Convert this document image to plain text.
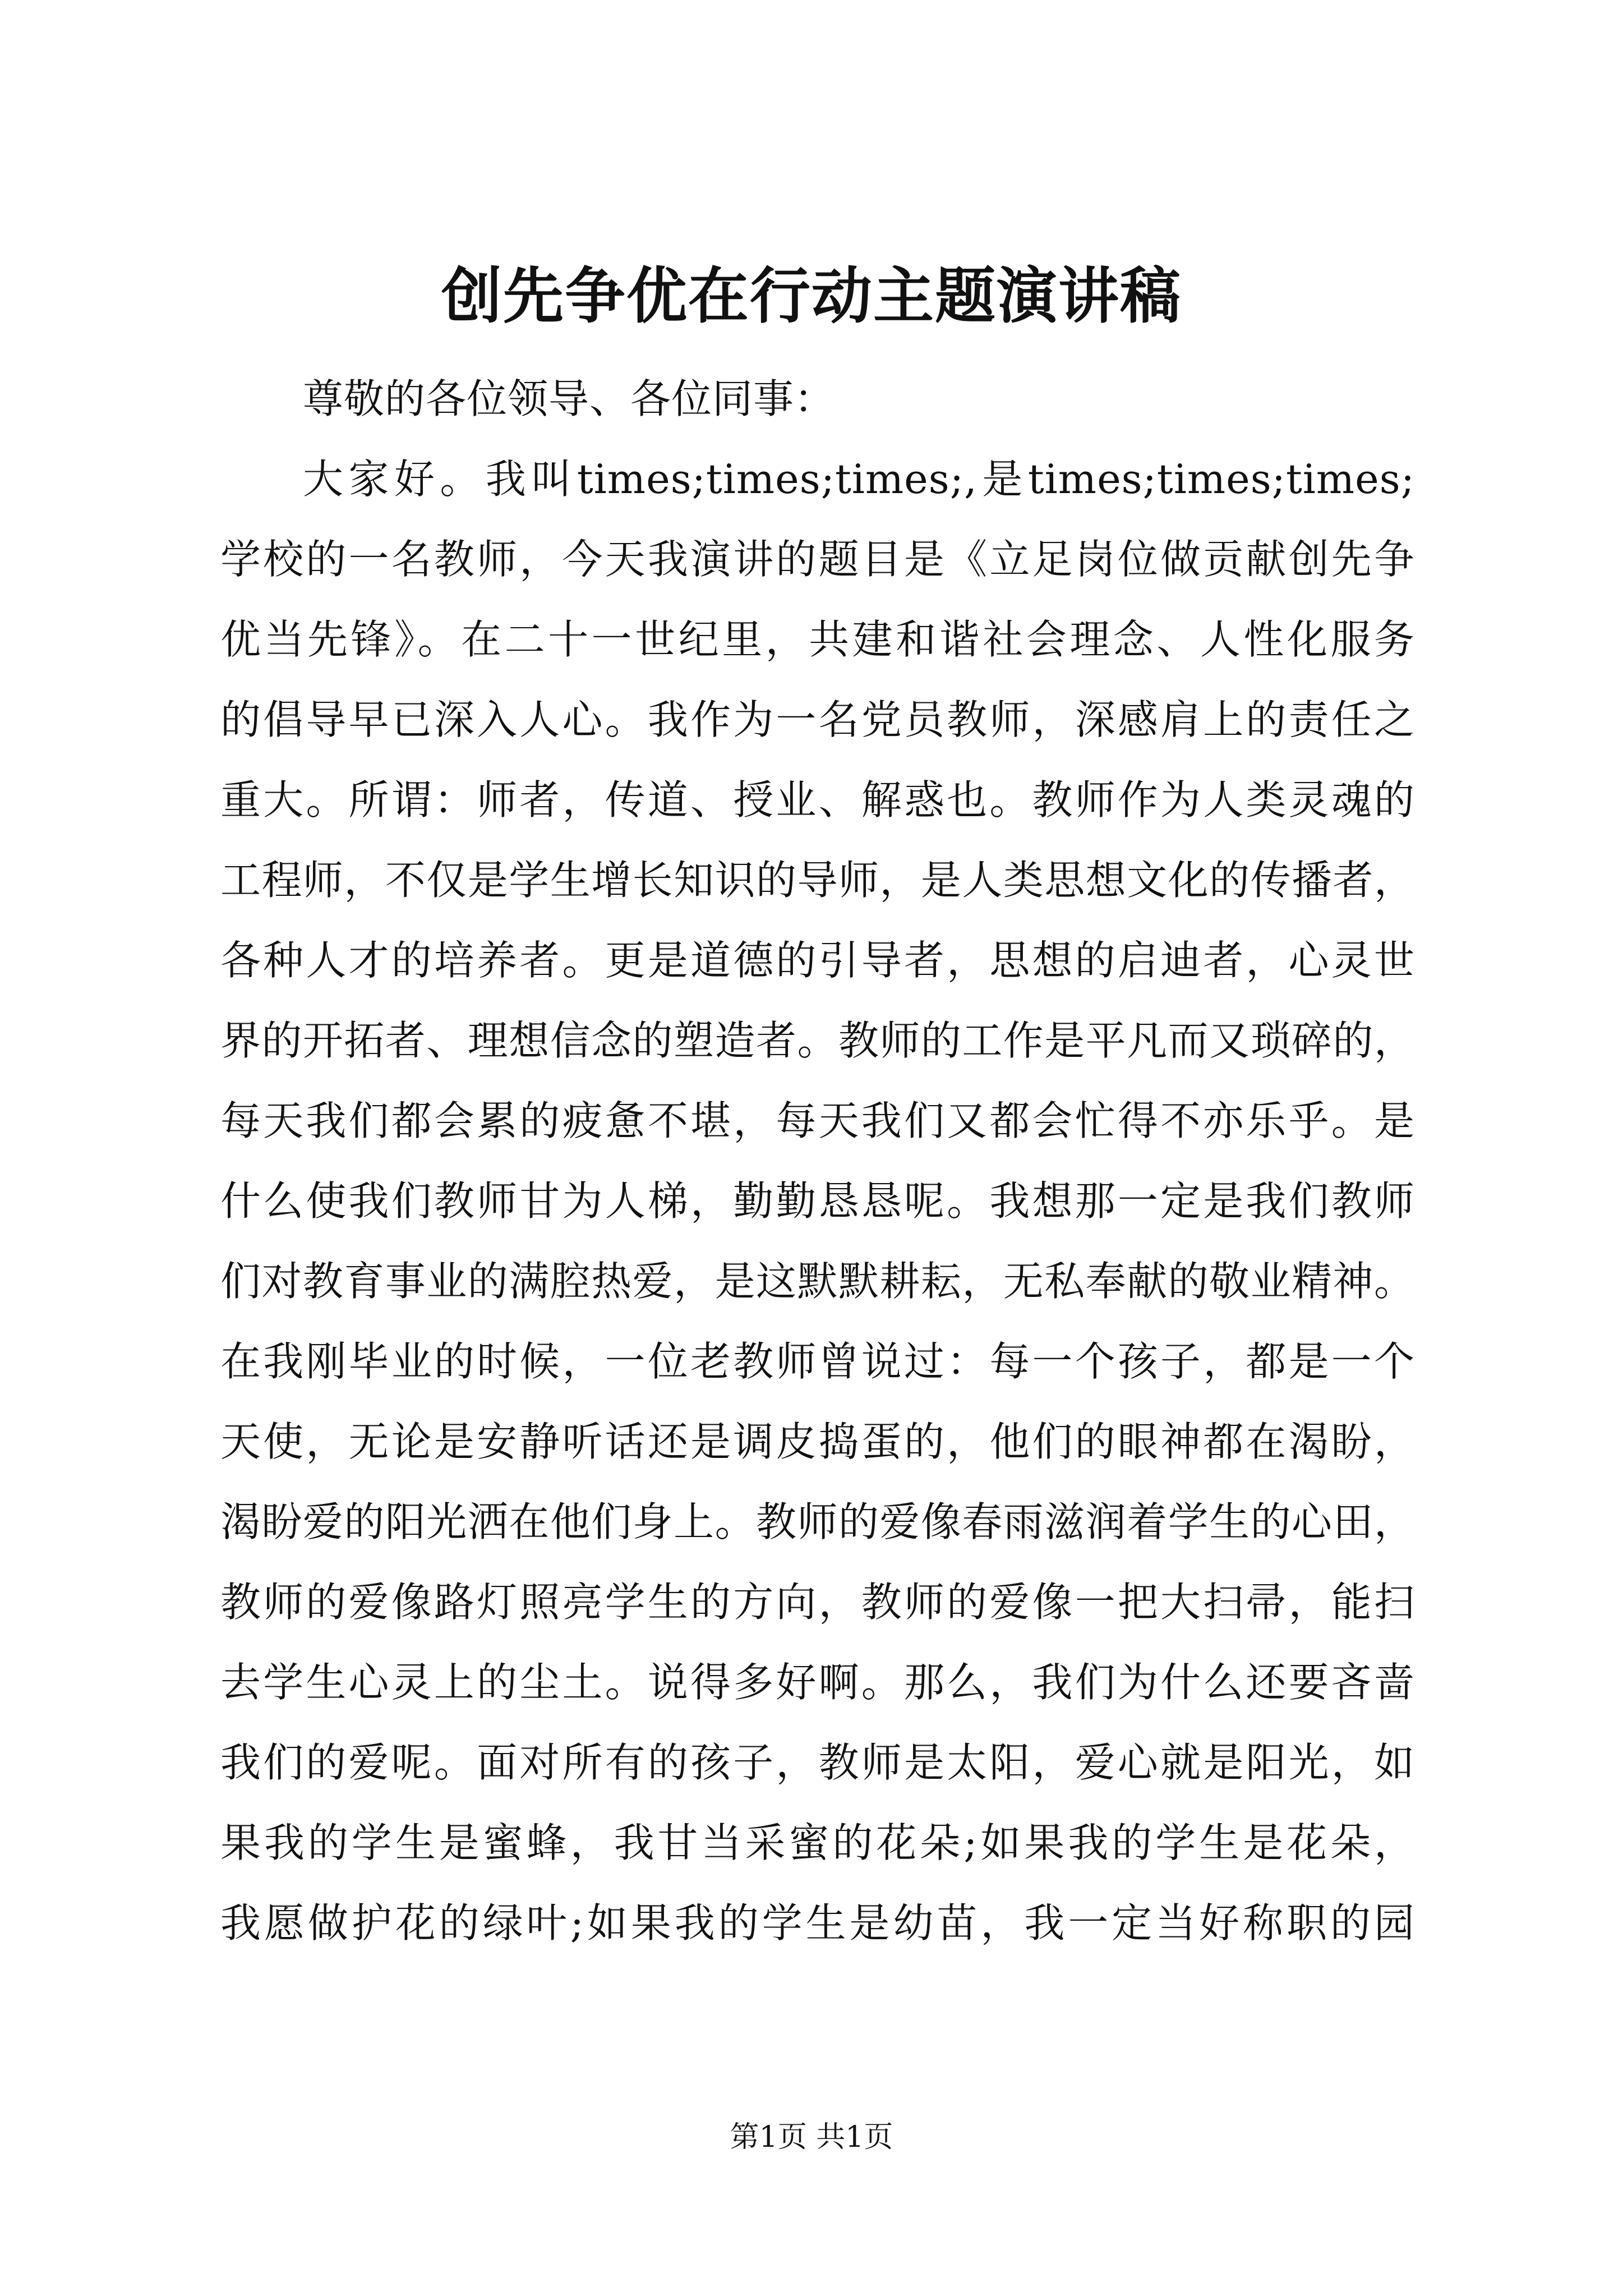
创先争优在行动主题演讲稿
尊敬的各位领导、各位同事：
大家好。我叫times;times;times;,是times;times;times;
学校的一名教师，今天我演讲的题目是《立足岗位做贡献创先争
优当先锋》。在二十一世纪里，共建和谐社会理念、人性化服务
的倡导早已深入人心。我作为一名党员教师，深感肩上的责任之
重大。所谓：师者，传道、授业、解惑也。教师作为人类灵魂的
工程师，不仅是学生增长知识的导师，是人类思想文化的传播者，
各种人才的培养者。更是道德的引导者，思想的启迪者，心灵世
界的开拓者、理想信念的塑造者。教师的工作是平凡而又琐碎的，
每天我们都会累的疲惫不堪，每天我们又都会忙得不亦乐乎。是
什么使我们教师甘为人梯，勤勤恳恳呢。我想那一定是我们教师
们对教育事业的满腔热爱，是这默默耕耘，无私奉献的敬业精神。
在我刚毕业的时候，一位老教师曾说过：每一个孩子，都是一个
天使，无论是安静听话还是调皮捣蛋的，他们的眼神都在渴盼，
渴盼爱的阳光洒在他们身上。教师的爱像春雨滋润着学生的心田，
教师的爱像路灯照亮学生的方向，教师的爱像一把大扫帚，能扫
去学生心灵上的尘土。说得多好啊。那么，我们为什么还要吝啬
我们的爱呢。面对所有的孩子，教师是太阳，爱心就是阳光，如
果我的学生是蜜蜂，我甘当采蜜的花朵;如果我的学生是花朵，
我愿做护花的绿叶;如果我的学生是幼苗，我一定当好称职的园
第1页 共1页
